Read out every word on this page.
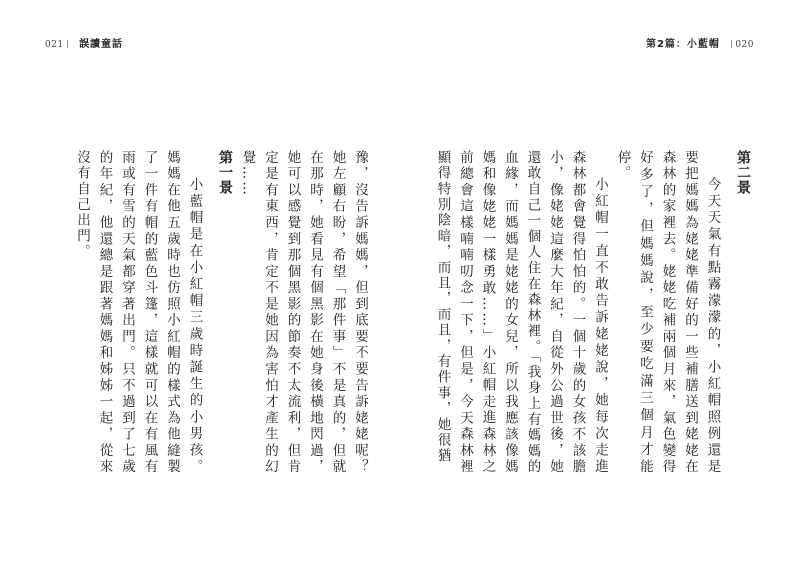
021 誤讀童話	第2篇：小藍帽 020
第二景

今天天氣有點霧濛濛的，小紅帽照例還是要把媽媽為姥姥準備好的一些補膳送到姥姥在森林的家裡去。姥姥吃補兩個月來，氣色變得好多了，但媽媽說，至少要吃滿三個月才能停。

小紅帽一直不敢告訴姥姥說，她每次走進森林都會覺得怕怕的。一個十歲的女孩不該膽小，像姥姥這麼大年紀，自從外公過世後，她還敢自己一個人住在森林裡。「我身上有媽媽的血緣，而媽媽是姥姥的女兒，所以我應該像媽媽和像姥姥一樣勇敢……」小紅帽走進森林之前總會這樣喃喃叨念一下，但是，今天森林裡顯得特別陰暗，而且，而且，有件事，她很猶

豫，沒告訴媽媽，但到底要不要告訴姥姥呢？她左顧右盼，希望「那件事」不是真的，但就在那時，她看見有個黑影在她身後橫地閃過，她可以感覺到那個黑影的節奏不太流利，但肯定是有東西，肯定不是她因為害怕才產生的幻覺……

第一景

小藍帽是在小紅帽三歲時誕生的小男孩。媽媽在他五歲時也仿照小紅帽的樣式為他縫製了一件有帽的藍色斗篷，這樣就可以在有風有雨或有雪的天氣都穿著出門。只不過到了七歲的年紀，他還總是跟著媽媽和姊姊一起，從來沒有自己出門。
